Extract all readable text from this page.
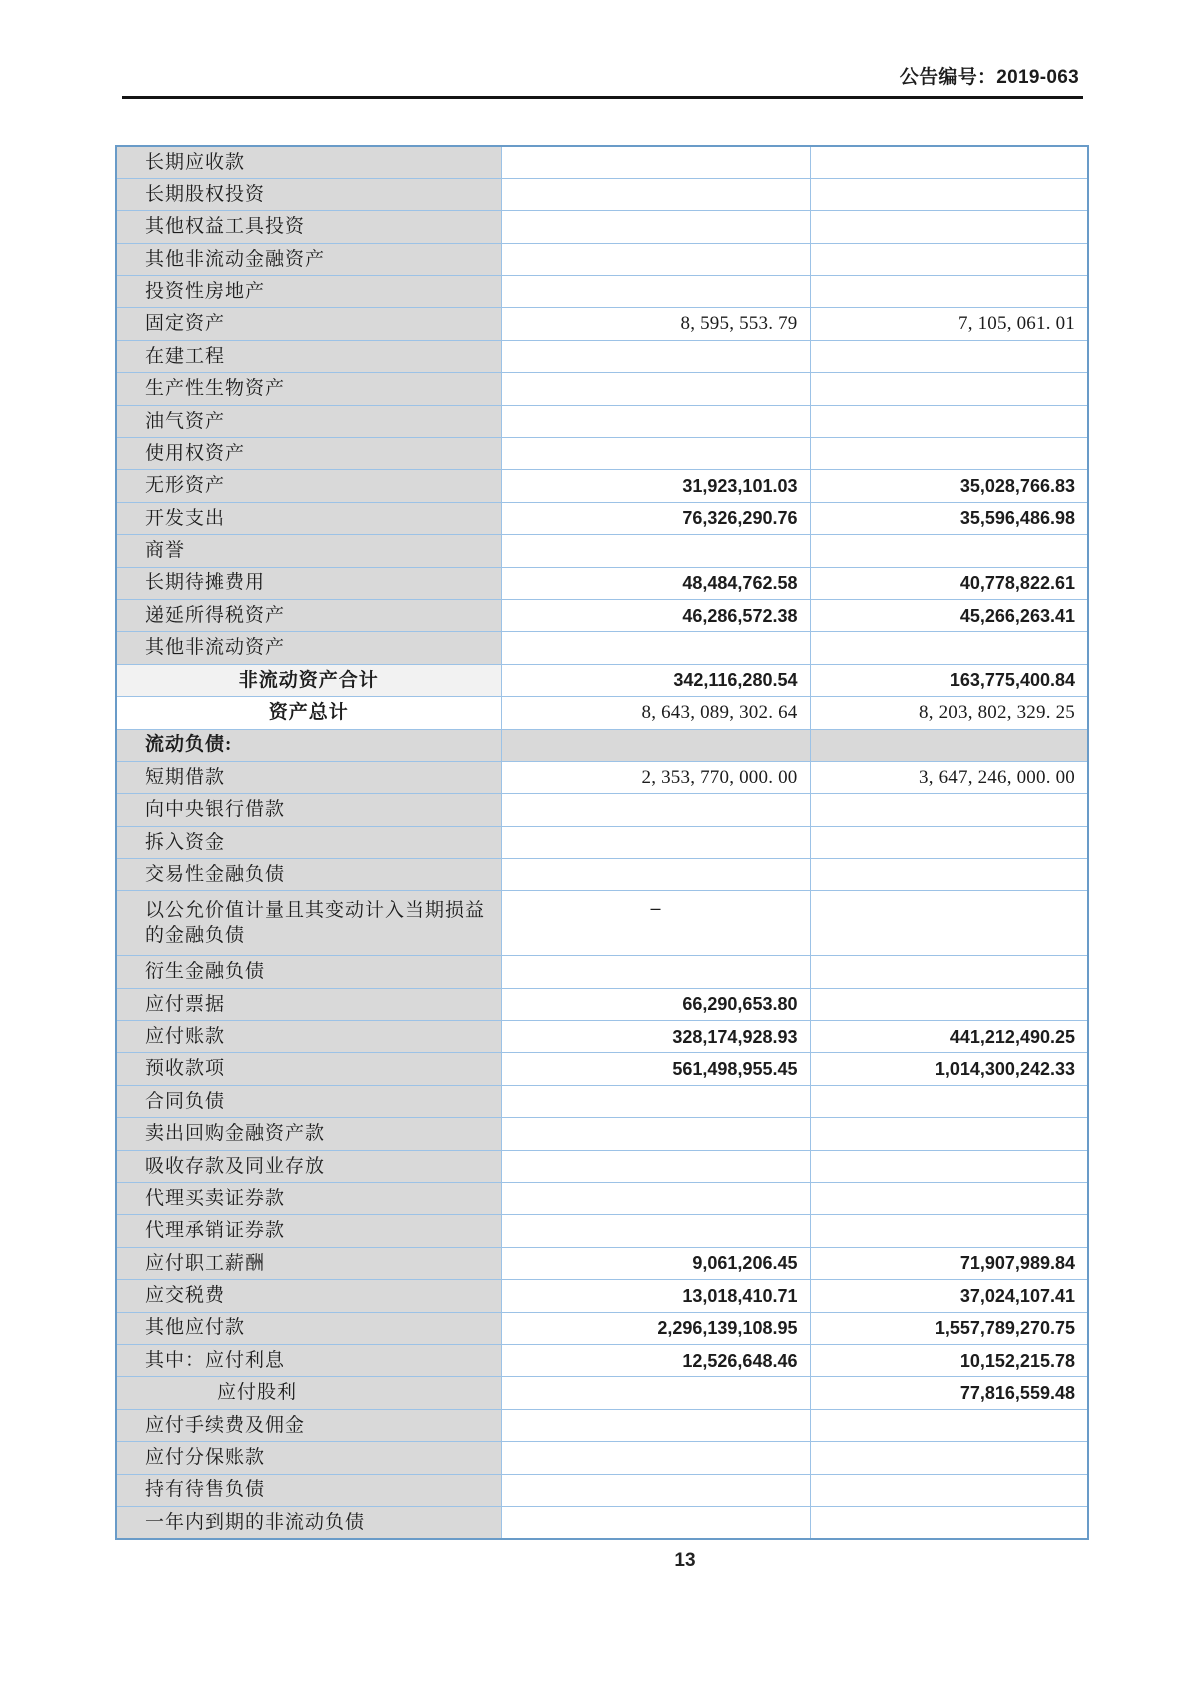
公告编号：2019-063
长期应收款		
长期股权投资		
其他权益工具投资		
其他非流动金融资产		
投资性房地产		
固定资产	8, 595, 553. 79	7, 105, 061. 01
在建工程		
生产性生物资产		
油气资产		
使用权资产		
无形资产	31,923,101.03	35,028,766.83
开发支出	76,326,290.76	35,596,486.98
商誉		
长期待摊费用	48,484,762.58	40,778,822.61
递延所得税资产	46,286,572.38	45,266,263.41
其他非流动资产		
非流动资产合计	342,116,280.54	163,775,400.84
资产总计	8, 643, 089, 302. 64	8, 203, 802, 329. 25
流动负债:		
短期借款	2, 353, 770, 000. 00	3, 647, 246, 000. 00
向中央银行借款		
拆入资金		
交易性金融负债		
以公允价值计量且其变动计入当期损益的金融负债	–	
衍生金融负债		
应付票据	66,290,653.80	
应付账款	328,174,928.93	441,212,490.25
预收款项	561,498,955.45	1,014,300,242.33
合同负债		
卖出回购金融资产款		
吸收存款及同业存放		
代理买卖证券款		
代理承销证券款		
应付职工薪酬	9,061,206.45	71,907,989.84
应交税费	13,018,410.71	37,024,107.41
其他应付款	2,296,139,108.95	1,557,789,270.75
其中：应付利息	12,526,648.46	10,152,215.78
应付股利		77,816,559.48
应付手续费及佣金		
应付分保账款		
持有待售负债		
一年内到期的非流动负债		
13
